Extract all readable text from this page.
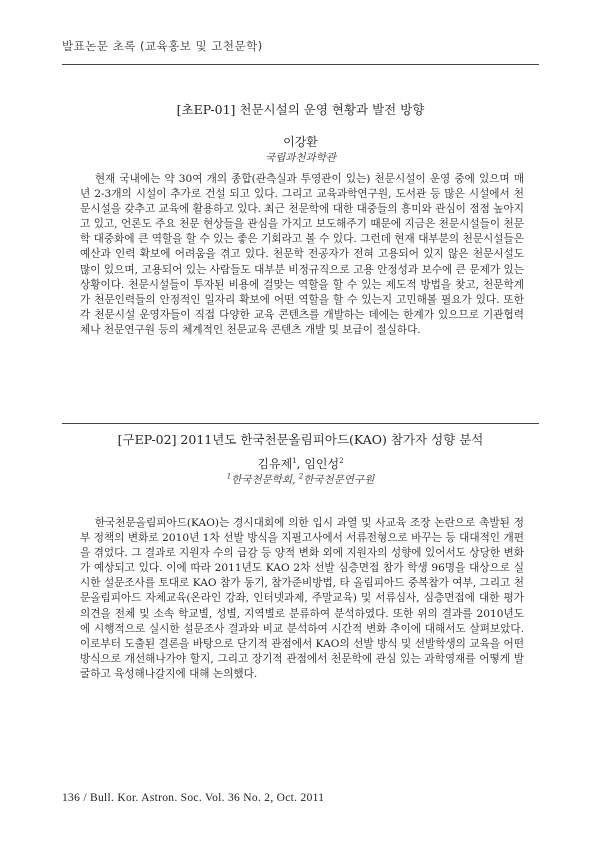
발표논문 초록 (교육홍보 및 고천문학)
[초EP-01] 천문시설의 운영 현황과 발전 방향
이강환
국립과천과학관

현재 국내에는 약 30여 개의 종합(관측실과 투영관이 있는) 천문시설이 운영 중에 있으며 매년 2-3개의 시설이 추가로 건설 되고 있다. 그리고 교육과학연구원, 도서관 등 많은 시설에서 천문시설을 갖추고 교육에 활용하고 있다. 최근 천문학에 대한 대중들의 흥미와 관심이 점점 높아지고 있고, 언론도 주요 천문 현상들을 관심을 가지고 보도해주기 때문에 지금은 천문시설들이 천문학 대중화에 큰 역할을 할 수 있는 좋은 기회라고 볼 수 있다. 그런데 현재 대부분의 천문시설들은 예산과 인력 확보에 어려움을 겪고 있다. 천문학 전공자가 전혀 고용되어 있지 않은 천문시설도 많이 있으며, 고용되어 있는 사람들도 대부분 비정규직으로 고용 안정성과 보수에 큰 문제가 있는 상황이다. 천문시설들이 투자된 비용에 걸맞는 역할을 할 수 있는 제도적 방법을 찾고, 천문학계가 천문인력들의 안정적인 일자리 확보에 어떤 역할을 할 수 있는지 고민해볼 필요가 있다. 또한 각 천문시설 운영자들이 직접 다양한 교육 콘텐츠를 개발하는 데에는 한계가 있으므로 기관협력체나 천문연구원 등의 체계적인 천문교육 콘텐츠 개발 및 보급이 절실하다.

[구EP-02] 2011년도 한국천문올림피아드(KAO) 참가자 성향 분석
김유제$^1$, 임인성$^2$
$^1$한국천문학회, $^2$한국천문연구원

한국천문올림피아드(KAO)는 경시대회에 의한 입시 과열 및 사교육 조장 논란으로 촉발된 정부 정책의 변화로 2010년 1차 선발 방식을 지필고사에서 서류전형으로 바꾸는 등 대대적인 개편을 겪었다. 그 결과로 지원자 수의 급감 등 양적 변화 외에 지원자의 성향에 있어서도 상당한 변화가 예상되고 있다. 이에 따라 2011년도 KAO 2차 선발 심층면접 참가 학생 96명을 대상으로 실시한 설문조사를 토대로 KAO 참가 동기, 참가준비방법, 타 올림피아드 중복참가 여부, 그리고 천문올림피아드 자체교육(온라인 강좌, 인터넷과제, 주말교육) 및 서류심사, 심층면접에 대한 평가 의견을 전체 및 소속 학교별, 성별, 지역별로 분류하여 분석하였다. 또한 위의 결과를 2010년도에 시행적으로 실시한 설문조사 결과와 비교 분석하여 시간적 변화 추이에 대해서도 살펴보았다. 이로부터 도출된 결론을 바탕으로 단기적 관점에서 KAO의 선발 방식 및 선발학생의 교육을 어떤 방식으로 개선해나가야 할지, 그리고 장기적 관점에서 천문학에 관심 있는 과학영재를 어떻게 발굴하고 육성해나갈지에 대해 논의했다.

136 / Bull. Kor. Astron. Soc. Vol. 36 No. 2, Oct. 2011
